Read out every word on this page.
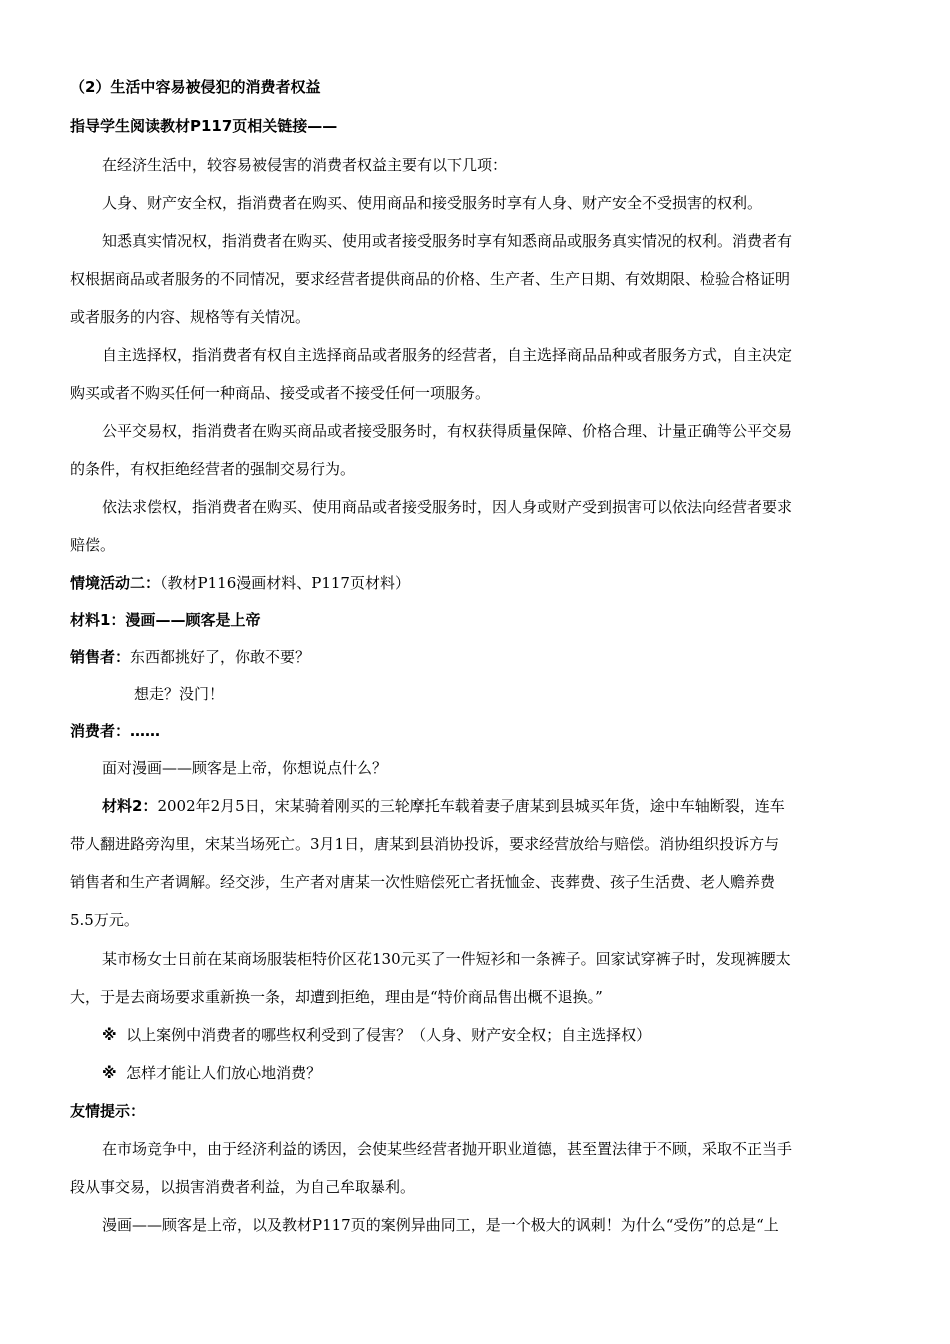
（2）生活中容易被侵犯的消费者权益
指导学生阅读教材P117页相关链接——
在经济生活中，较容易被侵害的消费者权益主要有以下几项：
人身、财产安全权，指消费者在购买、使用商品和接受服务时享有人身、财产安全不受损害的权利。
知悉真实情况权，指消费者在购买、使用或者接受服务时享有知悉商品或服务真实情况的权利。消费者有
权根据商品或者服务的不同情况，要求经营者提供商品的价格、生产者、生产日期、有效期限、检验合格证明
或者服务的内容、规格等有关情况。
自主选择权，指消费者有权自主选择商品或者服务的经营者，自主选择商品品种或者服务方式，自主决定
购买或者不购买任何一种商品、接受或者不接受任何一项服务。
公平交易权，指消费者在购买商品或者接受服务时，有权获得质量保障、价格合理、计量正确等公平交易
的条件，有权拒绝经营者的强制交易行为。
依法求偿权，指消费者在购买、使用商品或者接受服务时，因人身或财产受到损害可以依法向经营者要求
赔偿。
情境活动二：（教材P116漫画材料、P117页材料）
材料1：漫画——顾客是上帝
销售者：东西都挑好了，你敢不要？
想走？没门！
消费者：……
面对漫画——顾客是上帝，你想说点什么？
材料2：2002年2月5日，宋某骑着刚买的三轮摩托车载着妻子唐某到县城买年货，途中车轴断裂，连车
带人翻进路旁沟里，宋某当场死亡。3月1日，唐某到县消协投诉，要求经营放给与赔偿。消协组织投诉方与
销售者和生产者调解。经交涉，生产者对唐某一次性赔偿死亡者抚恤金、丧葬费、孩子生活费、老人赡养费
5.5万元。
某市杨女士日前在某商场服装柜特价区花130元买了一件短衫和一条裤子。回家试穿裤子时，发现裤腰太
大，于是去商场要求重新换一条，却遭到拒绝，理由是“特价商品售出概不退换。”
※ 以上案例中消费者的哪些权利受到了侵害？（人身、财产安全权；自主选择权）
※ 怎样才能让人们放心地消费？
友情提示：
在市场竞争中，由于经济利益的诱因，会使某些经营者抛开职业道德，甚至置法律于不顾，采取不正当手
段从事交易，以损害消费者利益，为自己牟取暴利。
漫画——顾客是上帝，以及教材P117页的案例异曲同工，是一个极大的讽刺！为什么“受伤”的总是“上
